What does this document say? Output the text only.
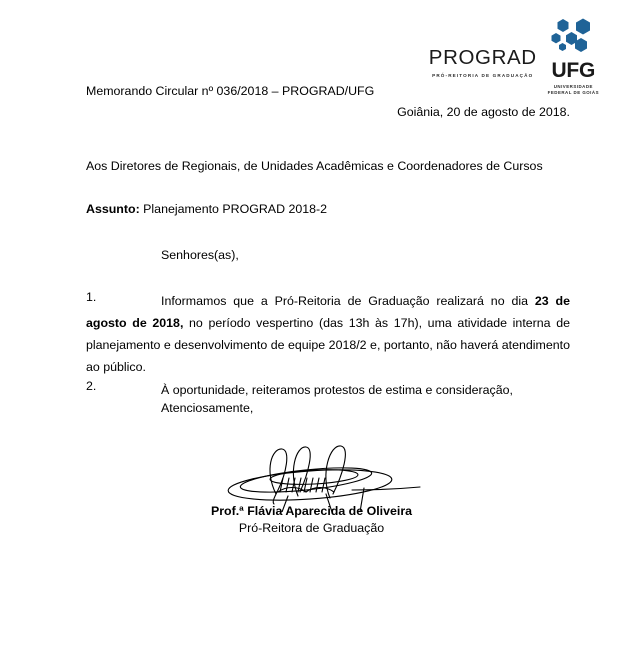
PROGRAD
PRÓ-REITORIA DE GRADUAÇÃO UFG
UNIVERSIDADE
FEDERAL DE GOIÁS
Memorando Circular nº 036/2018 – PROGRAD/UFG
Goiânia, 20 de agosto de 2018.
Aos Diretores de Regionais, de Unidades Acadêmicas e Coordenadores de Cursos
Assunto: Planejamento PROGRAD 2018-2
Senhores(as),
1.	Informamos que a Pró-Reitoria de Graduação realizará no dia 23 de agosto de 2018, no período vespertino (das 13h às 17h), uma atividade interna de planejamento e desenvolvimento de equipe 2018/2 e, portanto, não haverá atendimento ao público.
2.	À oportunidade, reiteramos protestos de estima e consideração,
Atenciosamente,
Prof.ª Flávia Aparecida de Oliveira
Pró-Reitora de Graduação
